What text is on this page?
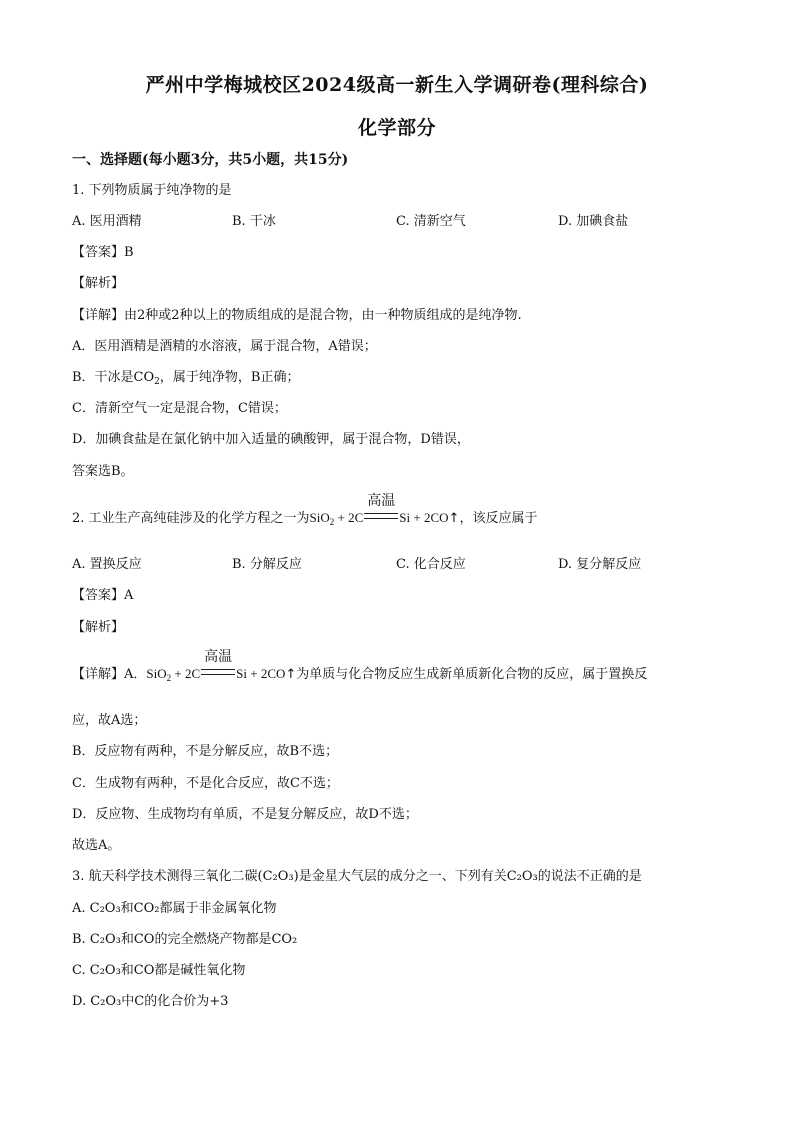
严州中学梅城校区2024级高一新生入学调研卷(理科综合)
化学部分
一、选择题(每小题3分，共5小题，共15分)
1. 下列物质属于纯净物的是
A. 医用酒精	B. 干冰	C. 清新空气	D. 加碘食盐
【答案】B
【解析】
【详解】由2种或2种以上的物质组成的是混合物，由一种物质组成的是纯净物.
A．医用酒精是酒精的水溶液，属于混合物，A错误；
B．干冰是$CO_2$，属于纯净物，B正确；
C．清新空气一定是混合物，C错误；
D．加碘食盐是在氯化钠中加入适量的碘酸钾，属于混合物，D错误，
答案选B。
2. 工业生产高纯硅涉及的化学方程之一为SiO$_2$ + 2C
高温
Si + 2CO↑，该反应属于
A. 置换反应	B. 分解反应	C. 化合反应	D. 复分解反应
【答案】A
【解析】
【详解】A．SiO$_2$ + 2C
高温
Si + 2CO↑为单质与化合物反应生成新单质新化合物的反应，属于置换反
应，故A选；
B．反应物有两种，不是分解反应，故B不选；
C．生成物有两种，不是化合反应，故C不选；
D．反应物、生成物均有单质，不是复分解反应，故D不选；
故选A。
3. 航天科学技术测得三氧化二碳(C₂O₃)是金星大气层的成分之一、下列有关C₂O₃的说法不正确的是
A. C₂O₃和CO₂都属于非金属氧化物
B. C₂O₃和CO的完全燃烧产物都是CO₂
C. C₂O₃和CO都是碱性氧化物
D. C₂O₃中C的化合价为+3
